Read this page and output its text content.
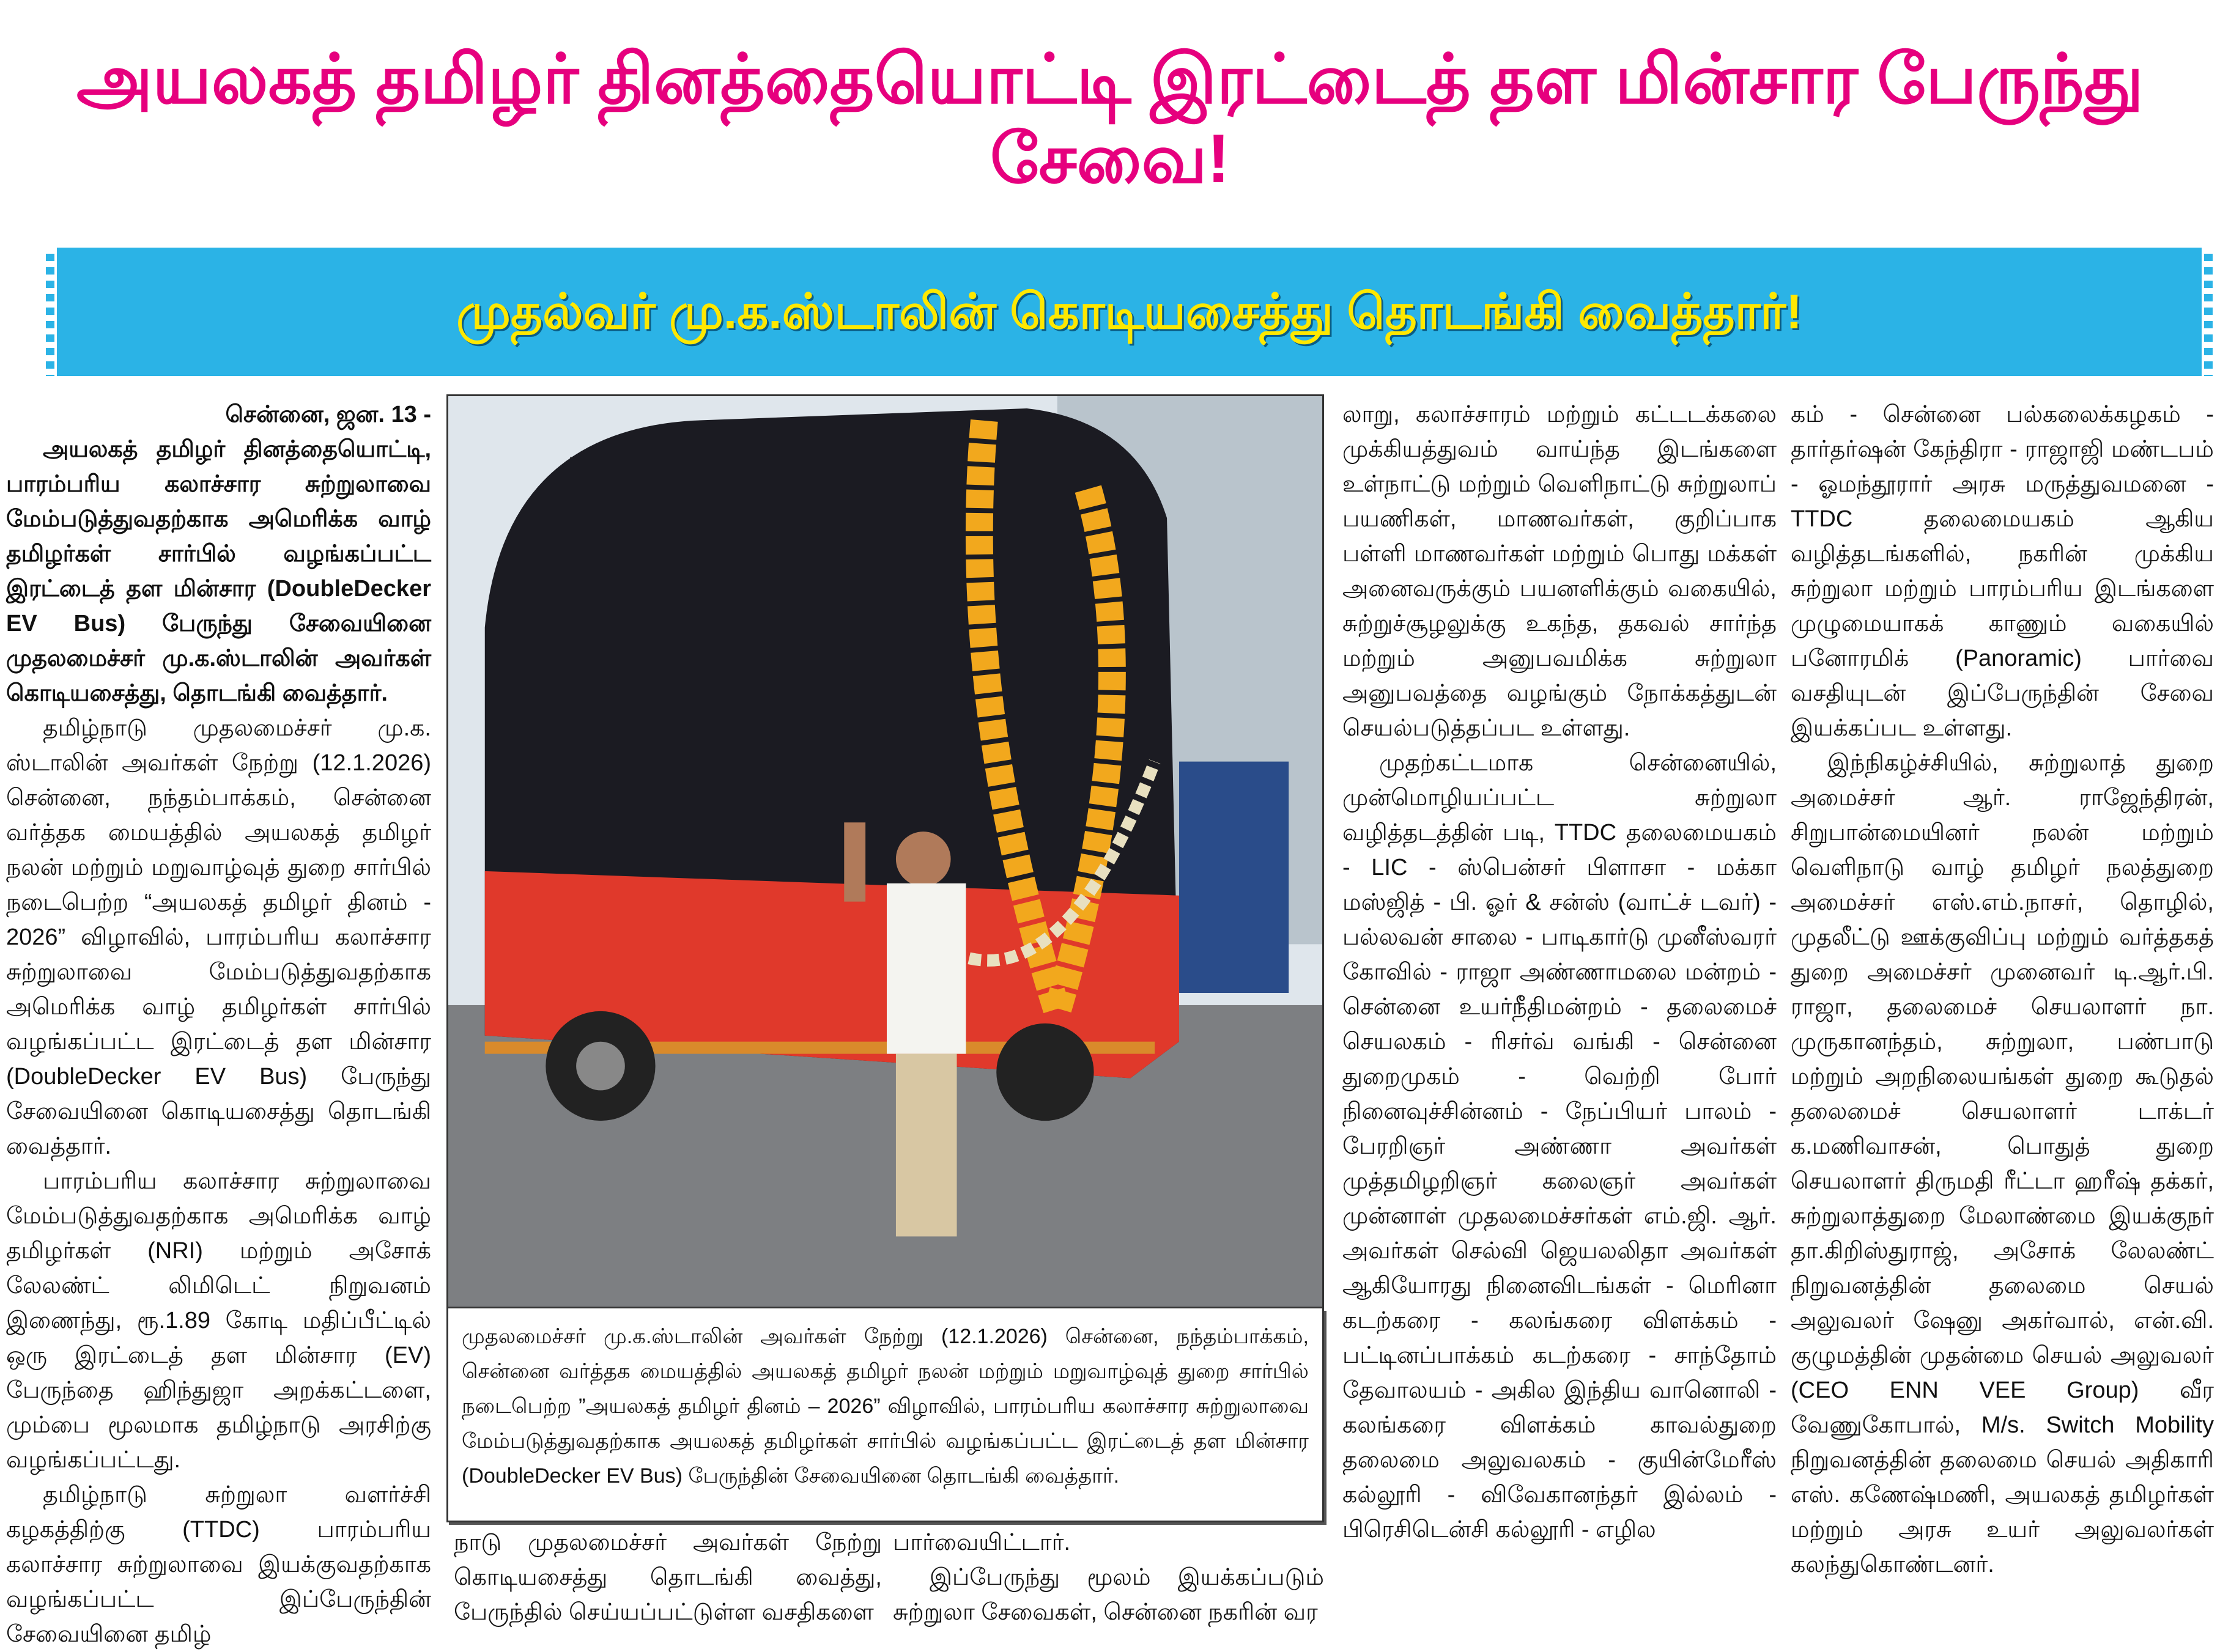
அயலகத் தமிழர் தினத்தையொட்டி இரட்டைத் தள மின்சார பேருந்து சேவை!
முதல்வர் மு.க.ஸ்டாலின் கொடியசைத்து தொடங்கி வைத்தார்!
சென்னை, ஜன. 13 -

அயலகத் தமிழர் தினத்தையொட்டி, பாரம்பரிய கலாச்சார சுற்றுலாவை மேம்படுத்துவதற்காக அமெரிக்க வாழ் தமிழர்கள் சார்பில் வழங்கப்பட்ட இரட்டைத் தள மின்சார (DoubleDecker EV Bus) பேருந்து சேவையினை முதலமைச்சர் மு.க.ஸ்டாலின் அவர்கள் கொடியசைத்து, தொடங்கி வைத்தார்.

தமிழ்நாடு முதலமைச்சர் மு.க. ஸ்டாலின் அவர்கள் நேற்று (12.1.2026) சென்னை, நந்தம்பாக்கம், சென்னை வர்த்தக மையத்தில் அயலகத் தமிழர் நலன் மற்றும் மறுவாழ்வுத் துறை சார்பில் நடைபெற்ற “அயலகத் தமிழர் தினம் - 2026” விழாவில், பாரம்பரிய கலாச்சார சுற்றுலாவை மேம்படுத்துவதற்காக அமெரிக்க வாழ் தமிழர்கள் சார்பில் வழங்கப்பட்ட இரட்டைத் தள மின்சார (DoubleDecker EV Bus) பேருந்து சேவையினை கொடியசைத்து தொடங்கி வைத்தார்.

பாரம்பரிய கலாச்சார சுற்றுலாவை மேம்படுத்துவதற்காக அமெரிக்க வாழ் தமிழர்கள் (NRI) மற்றும் அசோக் லேலண்ட் லிமிடெட் நிறுவனம் இணைந்து, ரூ.1.89 கோடி மதிப்பீட்டில் ஒரு இரட்டைத் தள மின்சார (EV) பேருந்தை ஹிந்துஜா அறக்கட்டளை, மும்பை மூலமாக தமிழ்நாடு அரசிற்கு வழங்கப்பட்டது.

தமிழ்நாடு சுற்றுலா வளர்ச்சி கழகத்திற்கு (TTDC) பாரம்பரிய கலாச்சார சுற்றுலாவை இயக்குவதற்காக வழங்கப்பட்ட இப்பேருந்தின் சேவையினை தமிழ்

முதலமைச்சர் மு.க.ஸ்டாலின் அவர்கள் நேற்று (12.1.2026) சென்னை, நந்தம்பாக்கம், சென்னை வர்த்தக மையத்தில் அயலகத் தமிழர் நலன் மற்றும் மறுவாழ்வுத் துறை சார்பில் நடைபெற்ற ”அயலகத் தமிழர் தினம் – 2026” விழாவில், பாரம்பரிய கலாச்சார சுற்றுலாவை மேம்படுத்துவதற்காக அயலகத் தமிழர்கள் சார்பில் வழங்கப்பட்ட இரட்டைத் தள மின்சார (DoubleDecker EV Bus) பேருந்தின் சேவையினை தொடங்கி வைத்தார்.

நாடு முதலமைச்சர் அவர்கள் நேற்று கொடியசைத்து தொடங்கி வைத்து, பேருந்தில் செய்யப்பட்டுள்ள வசதிகளை

பார்வையிட்டார்.

இப்பேருந்து மூலம் இயக்கப்படும் சுற்றுலா சேவைகள், சென்னை நகரின் வர

லாறு, கலாச்சாரம் மற்றும் கட்டடக்கலை முக்கியத்துவம் வாய்ந்த இடங்களை உள்நாட்டு மற்றும் வெளிநாட்டு சுற்றுலாப் பயணிகள், மாணவர்கள், குறிப்பாக பள்ளி மாணவர்கள் மற்றும் பொது மக்கள் அனைவருக்கும் பயனளிக்கும் வகையில், சுற்றுச்சூழலுக்கு உகந்த, தகவல் சார்ந்த மற்றும் அனுபவமிக்க சுற்றுலா அனுபவத்தை வழங்கும் நோக்கத்துடன் செயல்படுத்தப்பட உள்ளது.

முதற்கட்டமாக சென்னையில், முன்மொழியப்பட்ட சுற்றுலா வழித்தடத்தின் படி, TTDC தலைமையகம் - LIC - ஸ்பென்சர் பிளாசா - மக்கா மஸ்ஜித் - பி. ஓர் & சன்ஸ் (வாட்ச் டவர்) - பல்லவன் சாலை - பாடிகார்டு முனீஸ்வரர் கோவில் - ராஜா அண்ணாமலை மன்றம் - சென்னை உயர்நீதிமன்றம் - தலைமைச் செயலகம் - ரிசர்வ் வங்கி - சென்னை துறைமுகம் - வெற்றி போர் நினைவுச்சின்னம் - நேப்பியர் பாலம் - பேரறிஞர் அண்ணா அவர்கள் முத்தமிழறிஞர் கலைஞர் அவர்கள் முன்னாள் முதலமைச்சர்கள் எம்.ஜி. ஆர். அவர்கள் செல்வி ஜெயலலிதா அவர்கள் ஆகியோரது நினைவிடங்கள் - மெரினா கடற்கரை - கலங்கரை விளக்கம் - பட்டினப்பாக்கம் கடற்கரை - சாந்தோம் தேவாலயம் - அகில இந்திய வானொலி - கலங்கரை விளக்கம் காவல்துறை தலைமை அலுவலகம் - குயின்மேரீஸ் கல்லூரி - விவேகானந்தர் இல்லம் - பிரெசிடென்சி கல்லூரி - எழில

கம் - சென்னை பல்கலைக்கழகம் - தார்தர்ஷன் கேந்திரா - ராஜாஜி மண்டபம் - ஓமந்தூரார் அரசு மருத்துவமனை - TTDC தலைமையகம் ஆகிய வழித்தடங்களில், நகரின் முக்கிய சுற்றுலா மற்றும் பாரம்பரிய இடங்களை முழுமையாகக் காணும் வகையில் பனோரமிக் (Panoramic) பார்வை வசதியுடன் இப்பேருந்தின் சேவை இயக்கப்பட உள்ளது.

இந்நிகழ்ச்சியில், சுற்றுலாத் துறை அமைச்சர் ஆர். ராஜேந்திரன், சிறுபான்மையினர் நலன் மற்றும் வெளிநாடு வாழ் தமிழர் நலத்துறை அமைச்சர் எஸ்.எம்.நாசர், தொழில், முதலீட்டு ஊக்குவிப்பு மற்றும் வர்த்தகத் துறை அமைச்சர் முனைவர் டி.ஆர்.பி. ராஜா, தலைமைச் செயலாளர் நா. முருகானந்தம், சுற்றுலா, பண்பாடு மற்றும் அறநிலையங்கள் துறை கூடுதல் தலைமைச் செயலாளர் டாக்டர் க.மணிவாசன், பொதுத் துறை செயலாளர் திருமதி ரீட்டா ஹரீஷ் தக்கர், சுற்றுலாத்துறை மேலாண்மை இயக்குநர் தா.கிறிஸ்துராஜ், அசோக் லேலண்ட் நிறுவனத்தின் தலைமை செயல் அலுவலர் ஷேனு அகர்வால், என்.வி. குழுமத்தின் முதன்மை செயல் அலுவலர் (CEO ENN VEE Group) வீர வேணுகோபால், M/s. Switch Mobility நிறுவனத்தின் தலைமை செயல் அதிகாரி எஸ். கணேஷ்மணி, அயலகத் தமிழர்கள் மற்றும் அரசு உயர் அலுவலர்கள் கலந்துகொண்டனர்.
